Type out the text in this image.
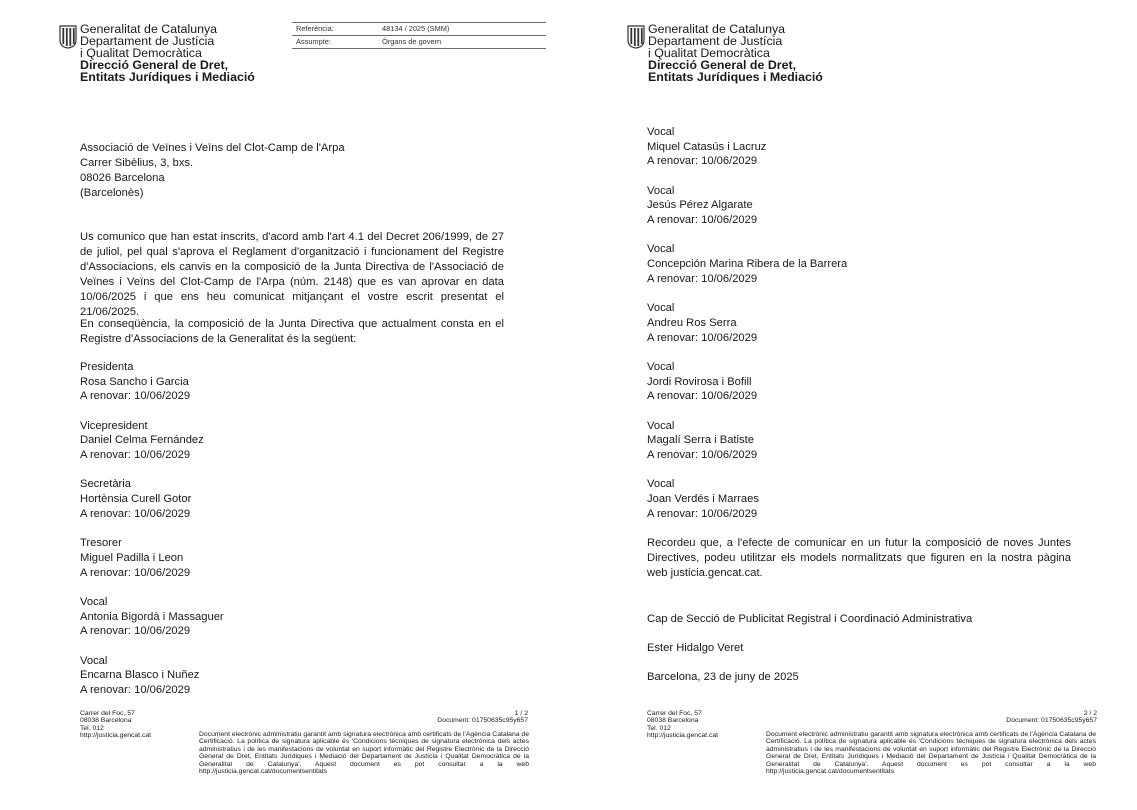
Generalitat de Catalunya
Departament de Justícia
i Qualitat Democràtica
Direcció General de Dret,
Entitats Jurídiques i Mediació
Referència:	48134 / 2025 (SMM)
Assumpte:	Òrgans de govern
Associació de Veïnes i Veïns del Clot-Camp de l'Arpa
Carrer Sibèlius, 3, bxs.
08026 Barcelona
(Barcelonès)
Us comunico que han estat inscrits, d'acord amb l'art 4.1 del Decret 206/1999, de 27 de juliol, pel qual s'aprova el Reglament d'organització i funcionament del Registre d'Associacions, els canvis en la composició de la Junta Directiva de l'Associació de Veïnes i Veïns del Clot-Camp de l'Arpa (núm. 2148) que es van aprovar en data 10/06/2025 i que ens heu comunicat mitjançant el vostre escrit presentat el 21/06/2025.
En conseqüència, la composició de la Junta Directiva que actualment consta en el Registre d'Associacions de la Generalitat és la següent:
Presidenta
Rosa Sancho i Garcia
A renovar: 10/06/2029
Vicepresident
Daniel Celma Fernández
A renovar: 10/06/2029
Secretària
Hortènsia Curell Gotor
A renovar: 10/06/2029
Tresorer
Miguel Padilla i Leon
A renovar: 10/06/2029
Vocal
Antonia Bigordà i Massaguer
A renovar: 10/06/2029
Vocal
Encarna Blasco i Nuñez
A renovar: 10/06/2029
Carrer del Foc, 57
08038 Barcelona
Tel. 012
http://justicia.gencat.cat
1 / 2
Document: 01750635c95y657
Document electrònic administratiu garantit amb signatura electrònica amb certificats de l'Agència Catalana de Certificació. La política de signatura aplicable és 'Condicions tècniques de signatura electrònica dels actes administratius i de les manifestacions de voluntat en suport informàtic del Registre Electrònic de la Direcció General de Dret, Entitats Jurídiques i Mediació del Departament de Justícia i Qualitat Democràtica de la Generalitat de Catalunya'. Aquest document es pot consultar a la web http://justicia.gencat.cat/documentsentitats
Generalitat de Catalunya
Departament de Justícia
i Qualitat Democràtica
Direcció General de Dret,
Entitats Jurídiques i Mediació
Vocal
Miquel Catasús i Lacruz
A renovar: 10/06/2029
Vocal
Jesús Pérez Algarate
A renovar: 10/06/2029
Vocal
Concepción Marina Ribera de la Barrera
A renovar: 10/06/2029
Vocal
Andreu Ros Serra
A renovar: 10/06/2029
Vocal
Jordi Rovirosa i Bofill
A renovar: 10/06/2029
Vocal
Magalí Serra i Batiste
A renovar: 10/06/2029
Vocal
Joan Verdés i Marraes
A renovar: 10/06/2029
Recordeu que, a l'efecte de comunicar en un futur la composició de noves Juntes Directives, podeu utilitzar els models normalitzats que figuren en la nostra pàgina web justicia.gencat.cat.
Cap de Secció de Publicitat Registral i Coordinació Administrativa
Ester Hidalgo Veret
Barcelona, 23 de juny de 2025
Carrer del Foc, 57
08038 Barcelona
Tel. 012
http://justicia.gencat.cat
2 / 2
Document: 01750635c95y657
Document electrònic administratiu garantit amb signatura electrònica amb certificats de l'Agència Catalana de Certificació. La política de signatura aplicable és 'Condicions tècniques de signatura electrònica dels actes administratius i de les manifestacions de voluntat en suport informàtic del Registre Electrònic de la Direcció General de Dret, Entitats Jurídiques i Mediació del Departament de Justícia i Qualitat Democràtica de la Generalitat de Catalunya'. Aquest document es pot consultar a la web http://justicia.gencat.cat/documentsentitats
